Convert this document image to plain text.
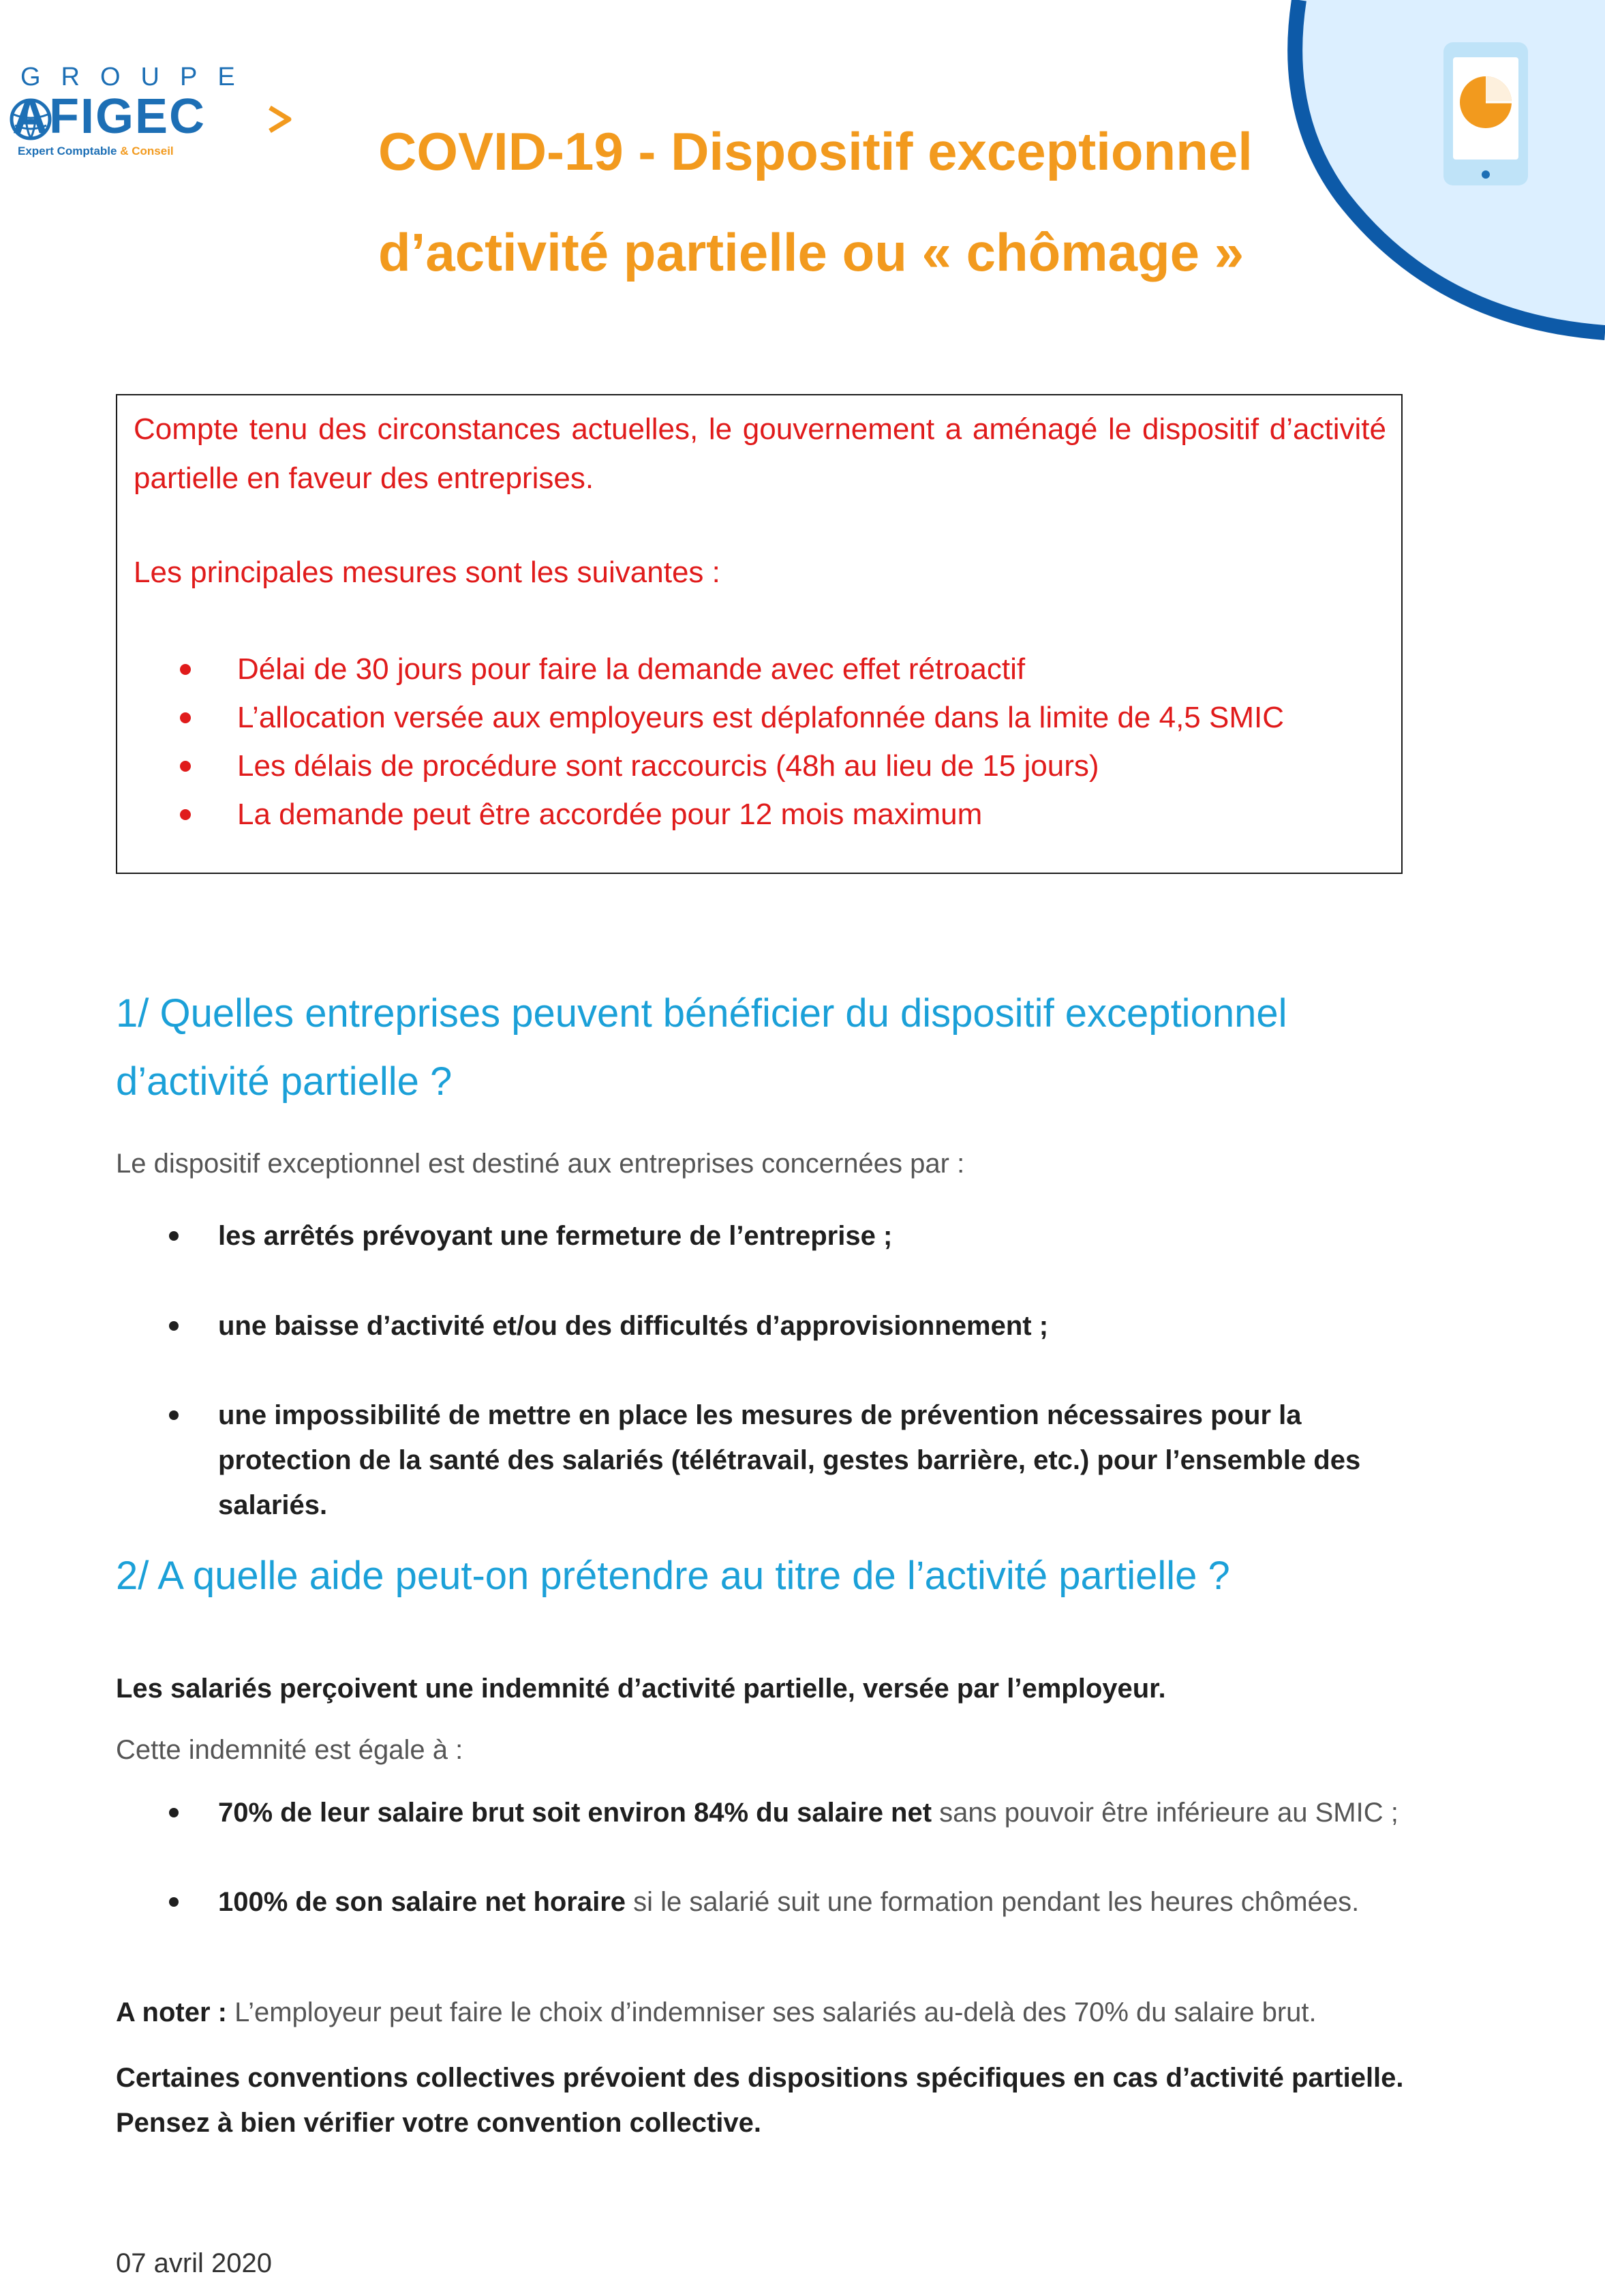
GROUPE
AFIGEC
Expert Comptable & Conseil	COVID-19 - Dispositif exceptionnel
d’activité partielle ou « chômage »

Compte tenu des circonstances actuelles, le gouvernement a aménagé le dispositif d’activité partielle en faveur des entreprises.

Les principales mesures sont les suivantes :

Délai de 30 jours pour faire la demande avec effet rétroactif
L’allocation versée aux employeurs est déplafonnée dans la limite de 4,5 SMIC
Les délais de procédure sont raccourcis (48h au lieu de 15 jours)
La demande peut être accordée pour 12 mois maximum
1/ Quelles entreprises peuvent bénéficier du dispositif exceptionnel
d’activité partielle ?
Le dispositif exceptionnel est destiné aux entreprises concernées par :
les arrêtés prévoyant une fermeture de l’entreprise ;
une baisse d’activité et/ou des difficultés d’approvisionnement ;
une impossibilité de mettre en place les mesures de prévention nécessaires pour la protection de la santé des salariés (télétravail, gestes barrière, etc.) pour l’ensemble des salariés.
2/ A quelle aide peut-on prétendre au titre de l’activité partielle ?
Les salariés perçoivent une indemnité d’activité partielle, versée par l’employeur.
Cette indemnité est égale à :
70% de leur salaire brut soit environ 84% du salaire net sans pouvoir être inférieure au SMIC ;
100% de son salaire net horaire si le salarié suit une formation pendant les heures chômées.
A noter : L’employeur peut faire le choix d’indemniser ses salariés au-delà des 70% du salaire brut.
Certaines conventions collectives prévoient des dispositions spécifiques en cas d’activité partielle. Pensez à bien vérifier votre convention collective.
07 avril 2020
